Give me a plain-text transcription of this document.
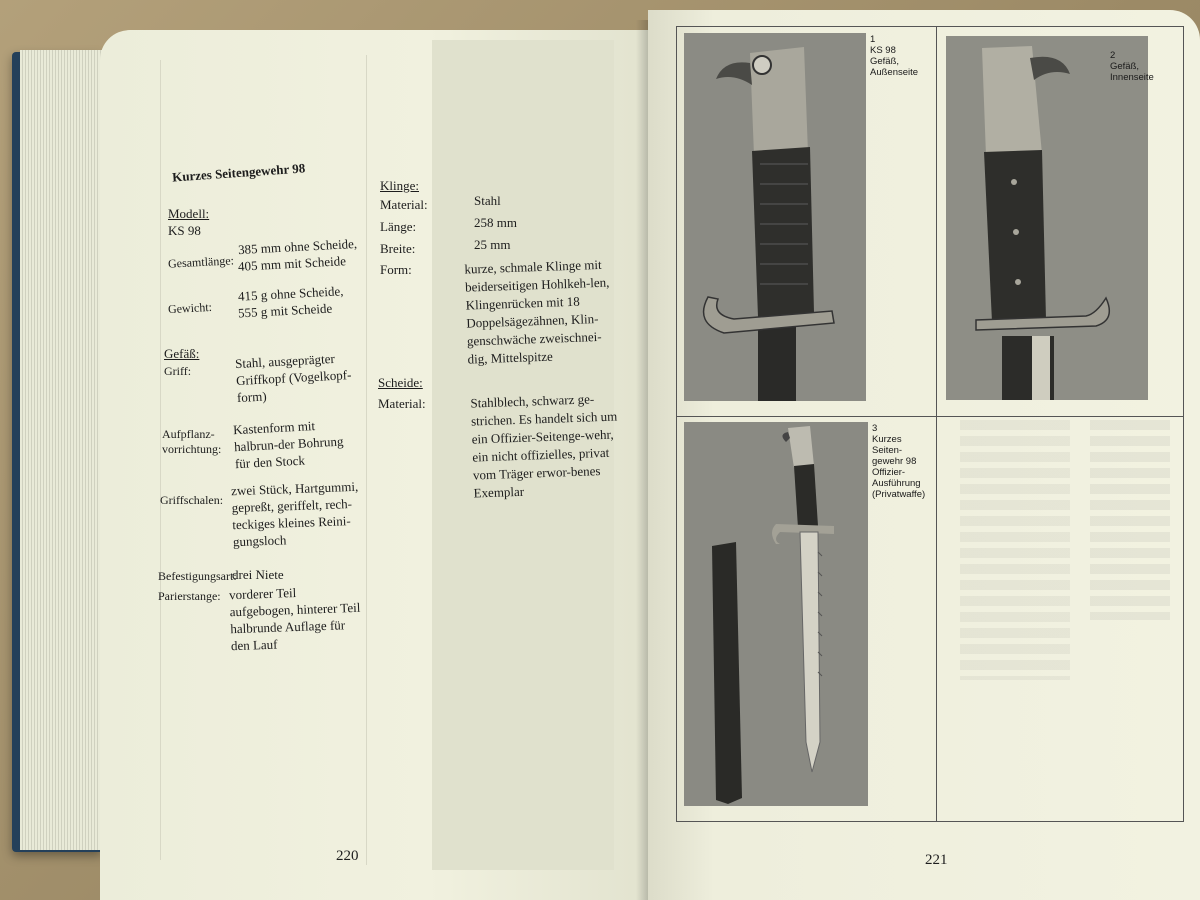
Kurzes Seitengewehr 98
Modell:
KS 98
Gesamtlänge:
385 mm ohne Scheide,
405 mm mit Scheide
Gewicht:
415 g ohne Scheide,
555 g mit Scheide
Gefäß:
Griff:	Stahl, ausgeprägter Griffkopf (Vogelkopf-form)
Aufpflanz-
vorrichtung:
Kastenform mit halbrun-der Bohrung für den Stock
Griffschalen:
zwei Stück, Hartgummi, gepreßt, geriffelt, rech-teckiges kleines Reini-gungsloch
Befestigungsart:
drei Niete
Parierstange: vorderer Teil aufgebogen, hinterer Teil halbrunde Auflage für den Lauf
Klinge:
Material:	Stahl
Länge:	258 mm
Breite:	25 mm
Form:	kurze, schmale Klinge mit beiderseitigen Hohlkeh-len, Klingenrücken mit 18 Doppelsägezähnen, Klin-genschwäche zweischnei-dig, Mittelspitze
Scheide:
Material:	Stahlblech, schwarz ge-strichen. Es handelt sich um ein Offizier-Seitenge-wehr, ein nicht offizielles, privat vom Träger erwor-benes Exemplar
220
1
KS 98 Gefäß, Außenseite
2
Gefäß, Innenseite
3
Kurzes Seiten-gewehr 98 Offizier-Ausführung (Privatwaffe)
221
